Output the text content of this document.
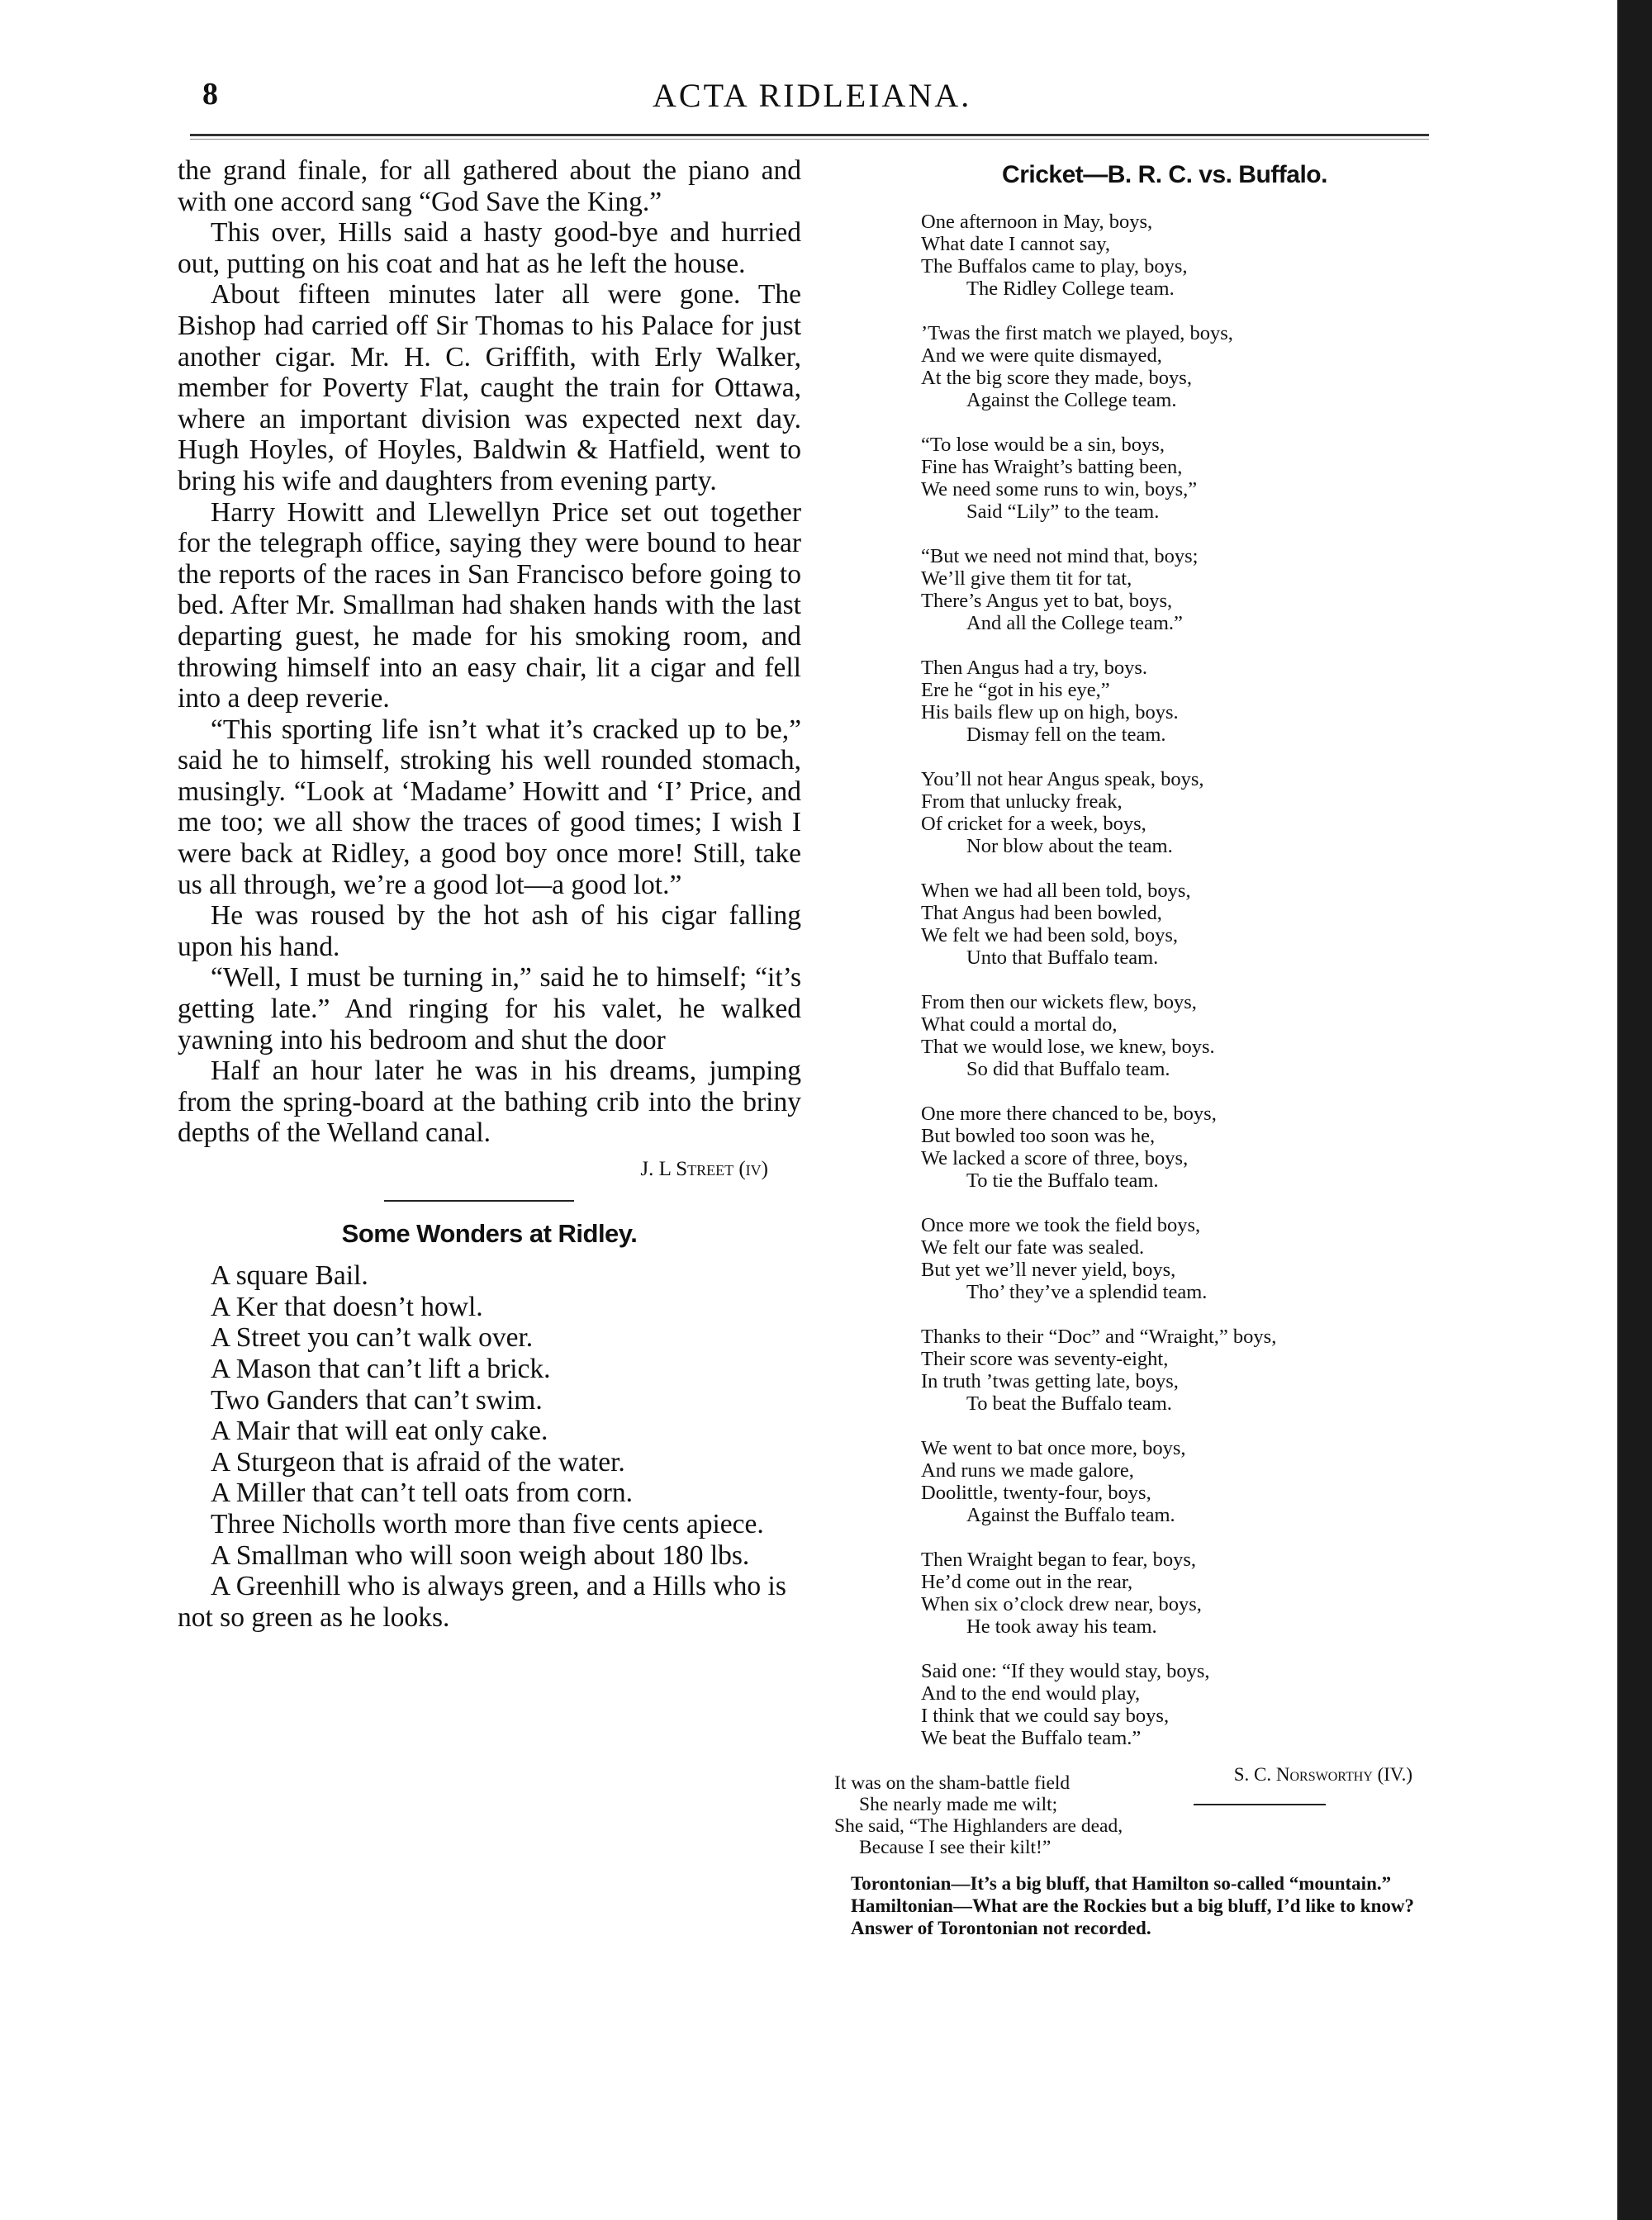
8	ACTA RIDLEIANA.

the grand finale, for all gathered about the piano and with one accord sang “God Save the King.”

This over, Hills said a hasty good-bye and hurried out, putting on his coat and hat as he left the house.

About fifteen minutes later all were gone. The Bishop had carried off Sir Thomas to his Palace for just another cigar. Mr. H. C. Griffith, with Erly Walker, member for Poverty Flat, caught the train for Ottawa, where an important division was expected next day. Hugh Hoyles, of Hoyles, Baldwin & Hatfield, went to bring his wife and daughters from evening party.

Harry Howitt and Llewellyn Price set out together for the telegraph office, saying they were bound to hear the reports of the races in San Francisco before going to bed. After Mr. Smallman had shaken hands with the last departing guest, he made for his smoking room, and throwing himself into an easy chair, lit a cigar and fell into a deep reverie.

“This sporting life isn’t what it’s cracked up to be,” said he to himself, stroking his well rounded stomach, musingly. “Look at ‘Madame’ Howitt and ‘I’ Price, and me too; we all show the traces of good times; I wish I were back at Ridley, a good boy once more! Still, take us all through, we’re a good lot—a good lot.”

He was roused by the hot ash of his cigar falling upon his hand.

“Well, I must be turning in,” said he to himself; “it’s getting late.” And ringing for his valet, he walked yawning into his bedroom and shut the door

Half an hour later he was in his dreams, jumping from the spring-board at the bathing crib into the briny depths of the Welland canal.

J. L Street (iv)
Some Wonders at Ridley.

A square Bail.

A Ker that doesn’t howl.

A Street you can’t walk over.

A Mason that can’t lift a brick.

Two Ganders that can’t swim.

A Mair that will eat only cake.

A Sturgeon that is afraid of the water.

A Miller that can’t tell oats from corn.

Three Nicholls worth more than five cents apiece.

A Smallman who will soon weigh about 180 lbs.

A Greenhill who is always green, and a Hills who is not so green as he looks.

Cricket—B. R. C. vs. Buffalo.
One afternoon in May, boys,
What date I cannot say,
The Buffalos came to play, boys,
The Ridley College team.
’Twas the first match we played, boys,
And we were quite dismayed,
At the big score they made, boys,
Against the College team.
“To lose would be a sin, boys,
Fine has Wraight’s batting been,
We need some runs to win, boys,”
Said “Lily” to the team.
“But we need not mind that, boys;
We’ll give them tit for tat,
There’s Angus yet to bat, boys,
And all the College team.”
Then Angus had a try, boys.
Ere he “got in his eye,”
His bails flew up on high, boys.
Dismay fell on the team.
You’ll not hear Angus speak, boys,
From that unlucky freak,
Of cricket for a week, boys,
Nor blow about the team.
When we had all been told, boys,
That Angus had been bowled,
We felt we had been sold, boys,
Unto that Buffalo team.
From then our wickets flew, boys,
What could a mortal do,
That we would lose, we knew, boys.
So did that Buffalo team.
One more there chanced to be, boys,
But bowled too soon was he,
We lacked a score of three, boys,
To tie the Buffalo team.
Once more we took the field boys,
We felt our fate was sealed.
But yet we’ll never yield, boys,
Tho’ they’ve a splendid team.
Thanks to their “Doc” and “Wraight,” boys,
Their score was seventy-eight,
In truth ’twas getting late, boys,
To beat the Buffalo team.
We went to bat once more, boys,
And runs we made galore,
Doolittle, twenty-four, boys,
Against the Buffalo team.
Then Wraight began to fear, boys,
He’d come out in the rear,
When six o’clock drew near, boys,
He took away his team.
Said one: “If they would stay, boys,
And to the end would play,
I think that we could say boys,
We beat the Buffalo team.”
S. C. Norsworthy (IV.)
It was on the sham-battle field
She nearly made me wilt;
She said, “The Highlanders are dead,
Because I see their kilt!”

Torontonian—It’s a big bluff, that Hamilton so-called “mountain.”

Hamiltonian—What are the Rockies but a big bluff, I’d like to know?

Answer of Torontonian not recorded.
